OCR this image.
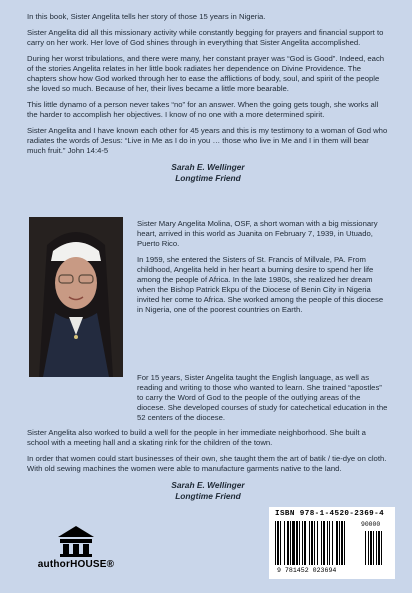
In this book, Sister Angelita tells her story of those 15 years in Nigeria.

Sister Angelita did all this missionary activity while constantly begging for prayers and financial support to carry on her work. Her love of God shines through in everything that Sister Angelita accomplished.

During her worst tribulations, and there were many, her constant prayer was “God is Good”. Indeed, each of the stories Angelita relates in her little book radiates her dependence on Divine Providence. The chapters show how God worked through her to ease the afflictions of body, soul, and spirit of the people she loved so much. Because of her, their lives became a little more bearable.

This little dynamo of a person never takes “no” for an answer. When the going gets tough, she works all the harder to accomplish her objectives. I know of no one with a more determined spirit.

Sister Angelita and I have known each other for 45 years and this is my testimony to a woman of God who radiates the words of Jesus: “Live in Me as I do in you … those who live in Me and I in them will bear much fruit.” John 14:4-5

Sarah E. Wellinger
Longtime Friend

Sister Mary Angelita Molina, OSF, a short woman with a big missionary heart, arrived in this world as Juanita on February 7, 1939, in Utuado, Puerto Rico.

In 1959, she entered the Sisters of St. Francis of Millvale, PA. From childhood, Angelita held in her heart a burning desire to spend her life among the people of Africa. In the late 1980s, she realized her dream when the Bishop Patrick Ekpu of the Diocese of Benin City in Nigeria invited her come to Africa. She worked among the people of this diocese in Nigeria, one of the poorest countries on Earth.

For 15 years, Sister Angelita taught the English language, as well as reading and writing to those who wanted to learn. She trained “apostles” to carry the Word of God to the people of the outlying areas of the diocese. She developed courses of study for catechetical education in the 52 centers of the diocese.

Sister Angelita also worked to build a well for the people in her immediate neighborhood. She built a school with a meeting hall and a skating rink for the children of the town.

In order that women could start businesses of their own, she taught them the art of batik / tie-dye on cloth. With old sewing machines the women were able to manufacture garments native to the land.

Sarah E. Wellinger
Longtime Friend
authorHOUSE®
ISBN 978-1-4520-2369-4
90000
9 781452 023694
